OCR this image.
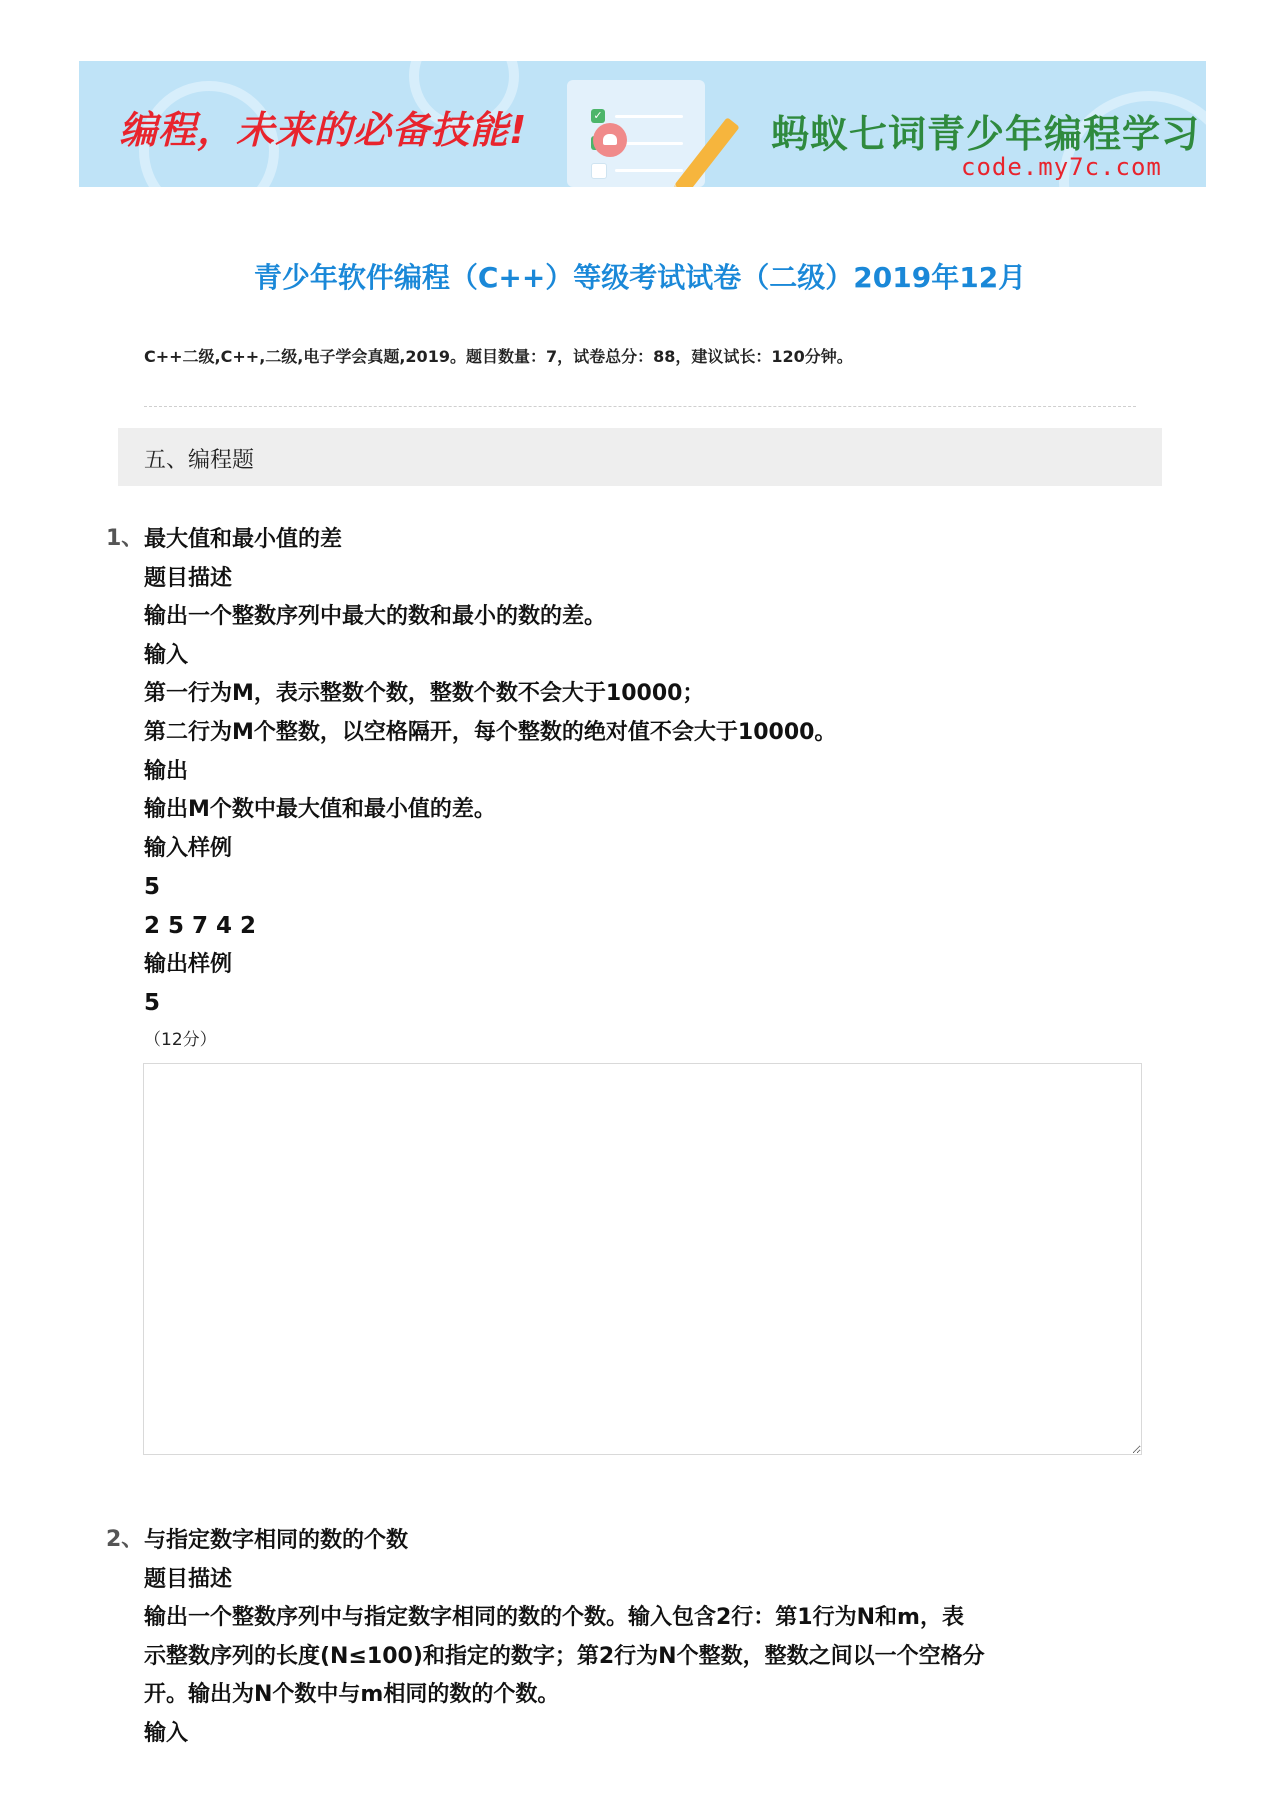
编程，未来的必备技能!	✓	蚂蚁七词青少年编程学习
code.my7c.com
青少年软件编程（C++）等级考试试卷（二级）2019年12月
C++二级,C++,二级,电子学会真题,2019。题目数量：7，试卷总分：88，建议试长：120分钟。
五、编程题
1、 最大值和最小值的差
题目描述
输出一个整数序列中最大的数和最小的数的差。
输入
第一行为M，表示整数个数，整数个数不会大于10000；
第二行为M个整数，以空格隔开，每个整数的绝对值不会大于10000。
输出
输出M个数中最大值和最小值的差。
输入样例
5
2 5 7 4 2
输出样例
5
（12分）
2、 与指定数字相同的数的个数
题目描述
输出一个整数序列中与指定数字相同的数的个数。输入包含2行：第1行为N和m，表
示整数序列的长度(N≤100)和指定的数字；第2行为N个整数，整数之间以一个空格分
开。输出为N个数中与m相同的数的个数。
输入
